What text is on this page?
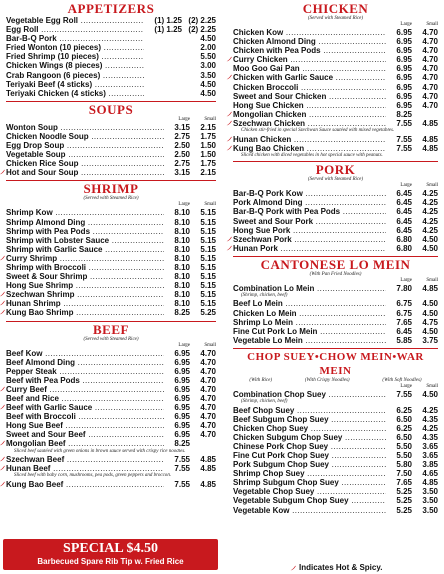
APPETIZERS
Vegetable Egg Roll .....	(1) 1.25 (2) 2.25
Egg Roll .....	(1) 1.25 (2) 2.25
Bar-B-Q Pork .....	4.50
Fried Wonton (10 pieces) .....	2.00
Fried Shrimp (10 pieces) .....	5.50
Chicken Wings (8 pieces) .....	3.00
Crab Rangoon (6 pieces) .....	3.50
Teriyaki Beef (4 sticks) .....	4.50
Teriyaki Chicken (4 sticks) .....	4.50
SOUPS
Large	Small
Wonton Soup .....	3.15	2.15
Chicken Noodle Soup .....	2.75	1.75
Egg Drop Soup .....	2.50	1.50
Vegetable Soup .....	2.50	1.50
Chicken Rice Soup .....	2.75	1.75
Hot and Sour Soup .....	3.15	2.15
SHRIMP
(Served with Steamed Rice)
Large	Small
Shrimp Kow .....	8.10	5.15
Shrimp Almond Ding .....	8.10	5.15
Shrimp with Pea Pods .....	8.10	5.15
Shrimp with Lobster Sauce .....	8.10	5.15
Shrimp with Garlic Sauce .....	8.10	5.15
Curry Shrimp .....	8.10	5.15
Shrimp with Broccoli .....	8.10	5.15
Sweet & Sour Shrimp .....	8.10	5.15
Hong Sue Shrimp .....	8.10	5.15
Szechwan Shrimp .....	8.10	5.15
Hunan Shrimp .....	8.10	5.15
Kung Bao Shrimp .....	8.25	5.25
BEEF
(Served with Steamed Rice)
Large	Small
Beef Kow .....	6.95	4.70
Beef Almond Ding .....	6.95	4.70
Pepper Steak .....	6.95	4.70
Beef with Pea Pods .....	6.95	4.70
Curry Beef .....	6.95	4.70
Beef and Rice .....	6.95	4.70
Beef with Garlic Sauce .....	6.95	4.70
Beef with Broccoli .....	6.95	4.70
Hong Sue Beef .....	6.95	4.70
Sweet and Sour Beef .....	6.95	4.70
Mongolian Beef .....	8.25
Sliced beef sautéed with green onions in brown sauce served with crispy rice noodles.
Szechwan Beef .....	7.55	4.85
Hunan Beef .....	7.55	4.85
Sliced beef with baby corn, mushrooms, pea pods, green peppers and broccoli.
Kung Bao Beef .....	7.55	4.85
SPECIAL $4.50
Barbecued Spare Rib Tip w. Fried Rice
CHICKEN
(Served with Steamed Rice)
Large	Small
Chicken Kow .....	6.95	4.70
Chicken Almond Ding .....	6.95	4.70
Chicken with Pea Pods .....	6.95	4.70
Curry Chicken .....	6.95	4.70
Moo Goo Gai Pan .....	6.95	4.70
Chicken with Garlic Sauce .....	6.95	4.70
Chicken Broccoli .....	6.95	4.70
Sweet and Sour Chicken .....	6.95	4.70
Hong Sue Chicken .....	6.95	4.70
Mongolian Chicken .....	8.25
Szechwan Chicken .....	7.55	4.85
Chicken stir-fried in special Szechwan Sauce sautéed with mixed vegetables.
Hunan Chicken .....	7.55	4.85
Kung Bao Chicken .....	7.55	4.85
Sliced chicken with diced vegetables in hot special sauce with peanuts.
PORK
(Served with Steamed Rice)
Large	Small
Bar-B-Q Pork Kow .....	6.45	4.25
Pork Almond Ding .....	6.45	4.25
Bar-B-Q Pork with Pea Pods .....	6.45	4.25
Sweet and Sour Pork .....	6.45	4.25
Hong Sue Pork .....	6.45	4.25
Szechwan Pork .....	6.80	4.50
Hunan Pork .....	6.80	4.50
CANTONESE LO MEIN
(With Pan Fried Noodles)
Large	Small
Combination Lo Mein .....	7.80	4.85
(Shrimp, chicken, beef)
Beef Lo Mein .....	6.75	4.50
Chicken Lo Mein .....	6.75	4.50
Shrimp Lo Mein .....	7.65	4.75
Fine Cut Pork Lo Mein .....	6.45	4.50
Vegetable Lo Mein .....	5.85	3.75
CHOP SUEY•CHOW MEIN•WAR MEIN
(With Rice)	(With Crispy Noodles)	(With Soft Noodles)
Large	Small
Combination Chop Suey .....	7.55	4.50
(Shrimp, chicken, beef)
Beef Chop Suey .....	6.25	4.25
Beef Subgum Chop Suey .....	6.50	4.35
Chicken Chop Suey .....	6.25	4.25
Chicken Subgum Chop Suey .....	6.50	4.35
Chinese Pork Chop Suey .....	5.50	3.65
Fine Cut Pork Chop Suey .....	5.50	3.65
Pork Subgum Chop Suey .....	5.80	3.85
Shrimp Chop Suey .....	7.50	4.65
Shrimp Subgum Chop Suey .....	7.65	4.85
Vegetable Chop Suey .....	5.25	3.50
Vegetable Subgum Chop Suey .....	5.25	3.50
Vegetable Kow .....	5.25	3.50
Indicates Hot & Spicy.
